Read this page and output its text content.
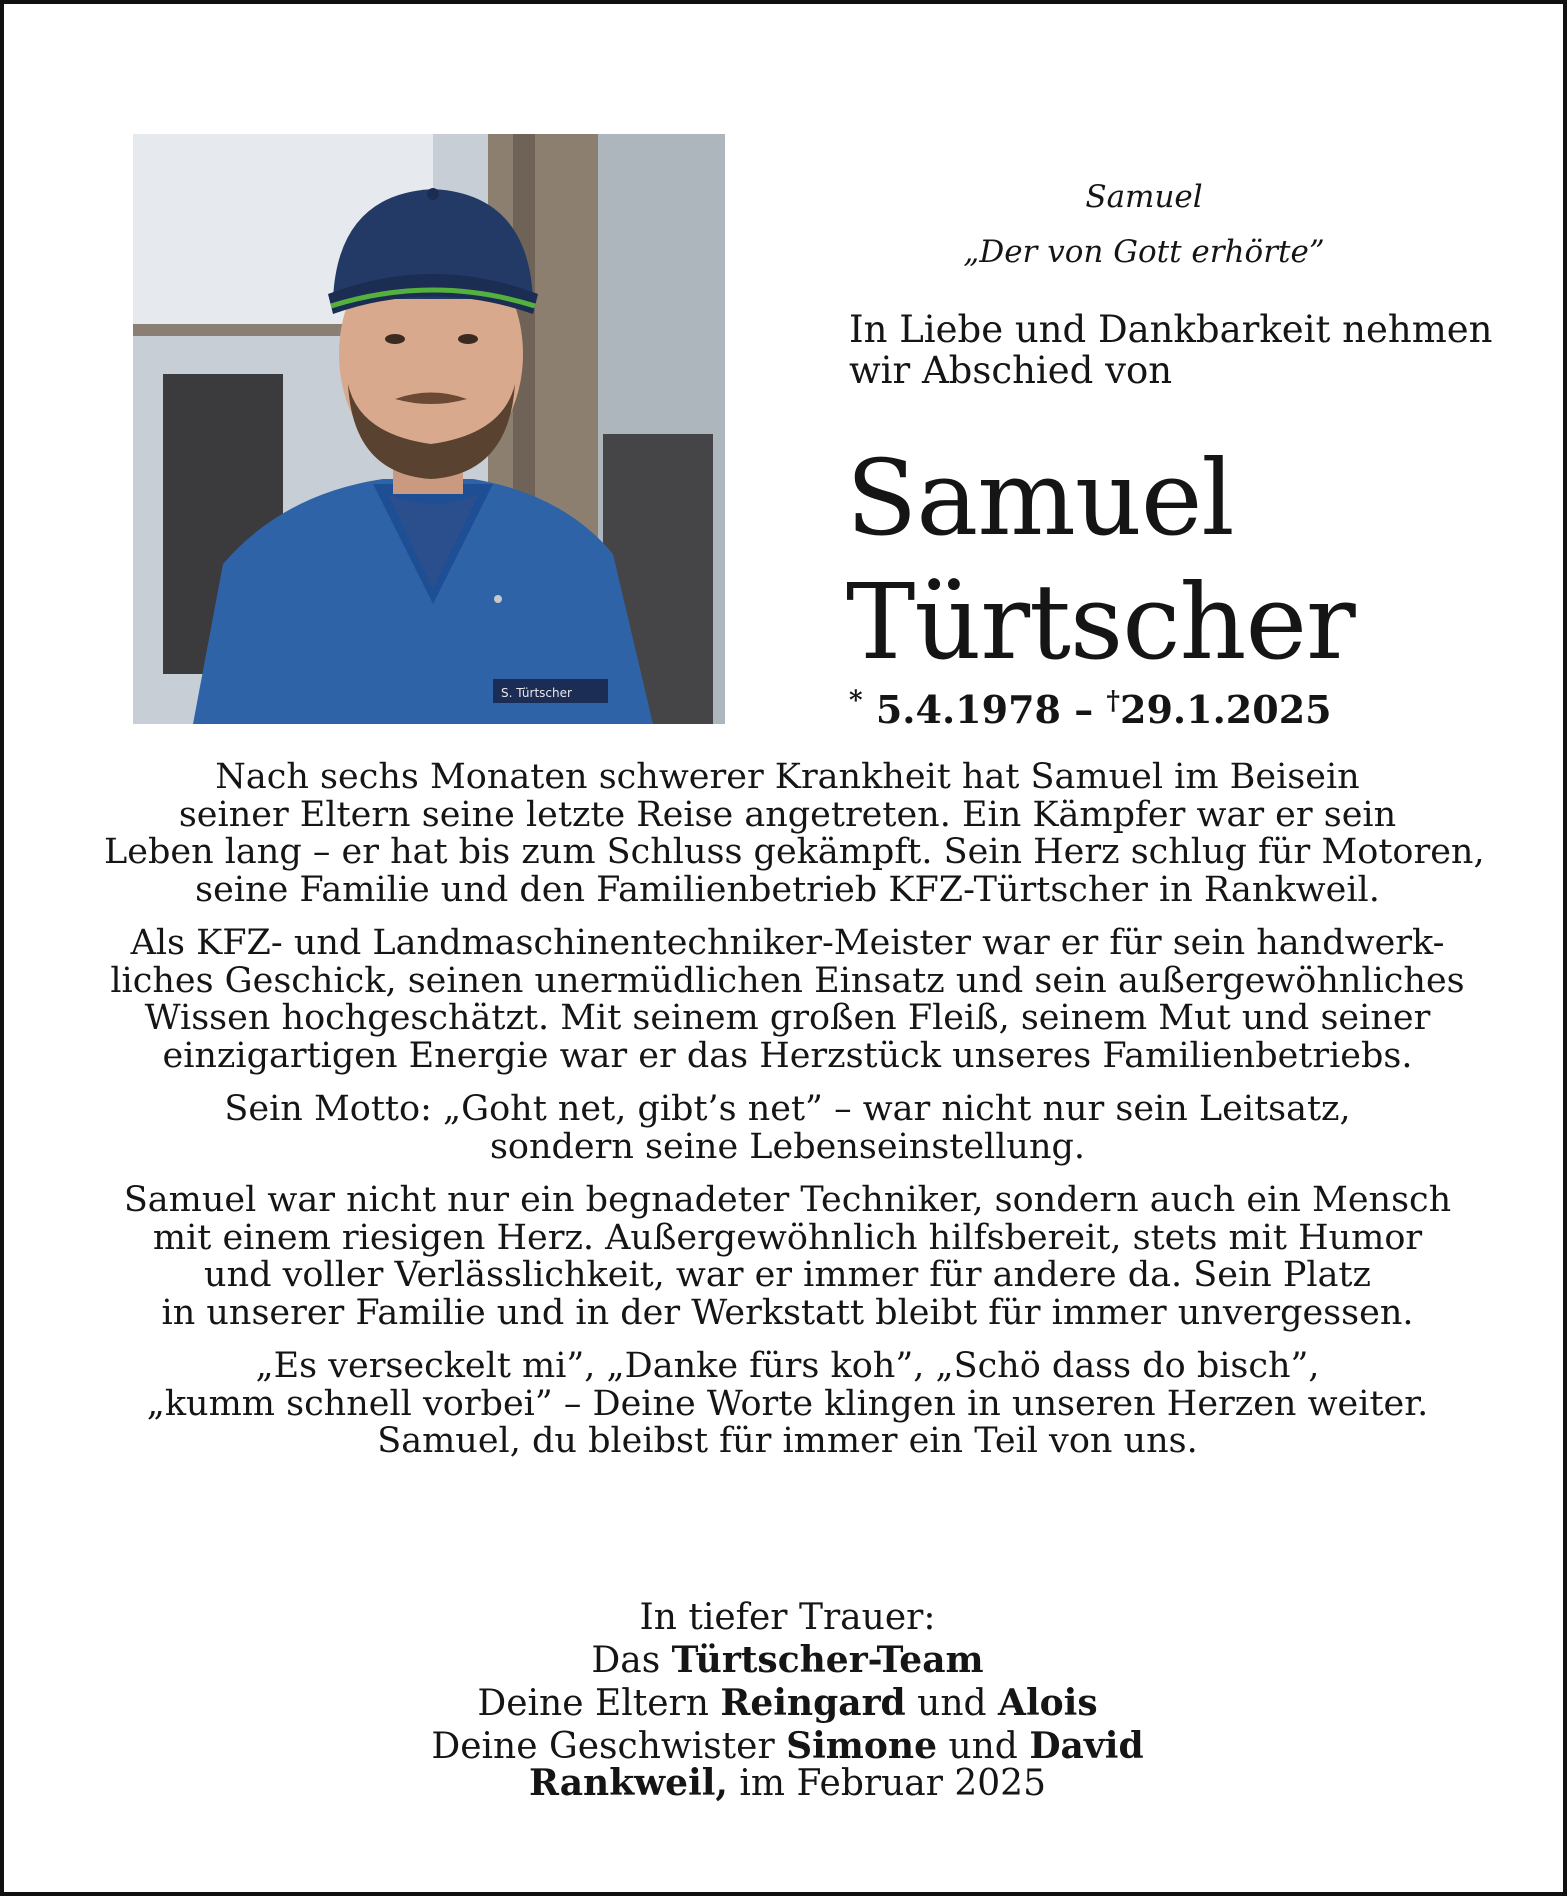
S. Türtscher
Samuel
„Der von Gott erhörte”
In Liebe und Dankbarkeit nehmen
wir Abschied von
Samuel
Türtscher
* 5.4.1978 – †29.1.2025
Nach sechs Monaten schwerer Krankheit hat Samuel im Beisein
seiner Eltern seine letzte Reise angetreten. Ein Kämpfer war er sein
Leben lang – er hat bis zum Schluss gekämpft. Sein Herz schlug für Motoren,
seine Familie und den Familienbetrieb KFZ-Türtscher in Rankweil.
Als KFZ- und Landmaschinentechniker-Meister war er für sein handwerk-
liches Geschick, seinen unermüdlichen Einsatz und sein außergewöhnliches
Wissen hochgeschätzt. Mit seinem großen Fleiß, seinem Mut und seiner
einzigartigen Energie war er das Herzstück unseres Familienbetriebs.
Sein Motto: „Goht net, gibt’s net” – war nicht nur sein Leitsatz,
sondern seine Lebenseinstellung.
Samuel war nicht nur ein begnadeter Techniker, sondern auch ein Mensch
mit einem riesigen Herz. Außergewöhnlich hilfsbereit, stets mit Humor
und voller Verlässlichkeit, war er immer für andere da. Sein Platz
in unserer Familie und in der Werkstatt bleibt für immer unvergessen.
„Es verseckelt mi”, „Danke fürs koh”, „Schö dass do bisch”,
„kumm schnell vorbei” – Deine Worte klingen in unseren Herzen weiter.
Samuel, du bleibst für immer ein Teil von uns.
In tiefer Trauer:
Das Türtscher-Team
Deine Eltern Reingard und Alois
Deine Geschwister Simone und David
Rankweil, im Februar 2025
